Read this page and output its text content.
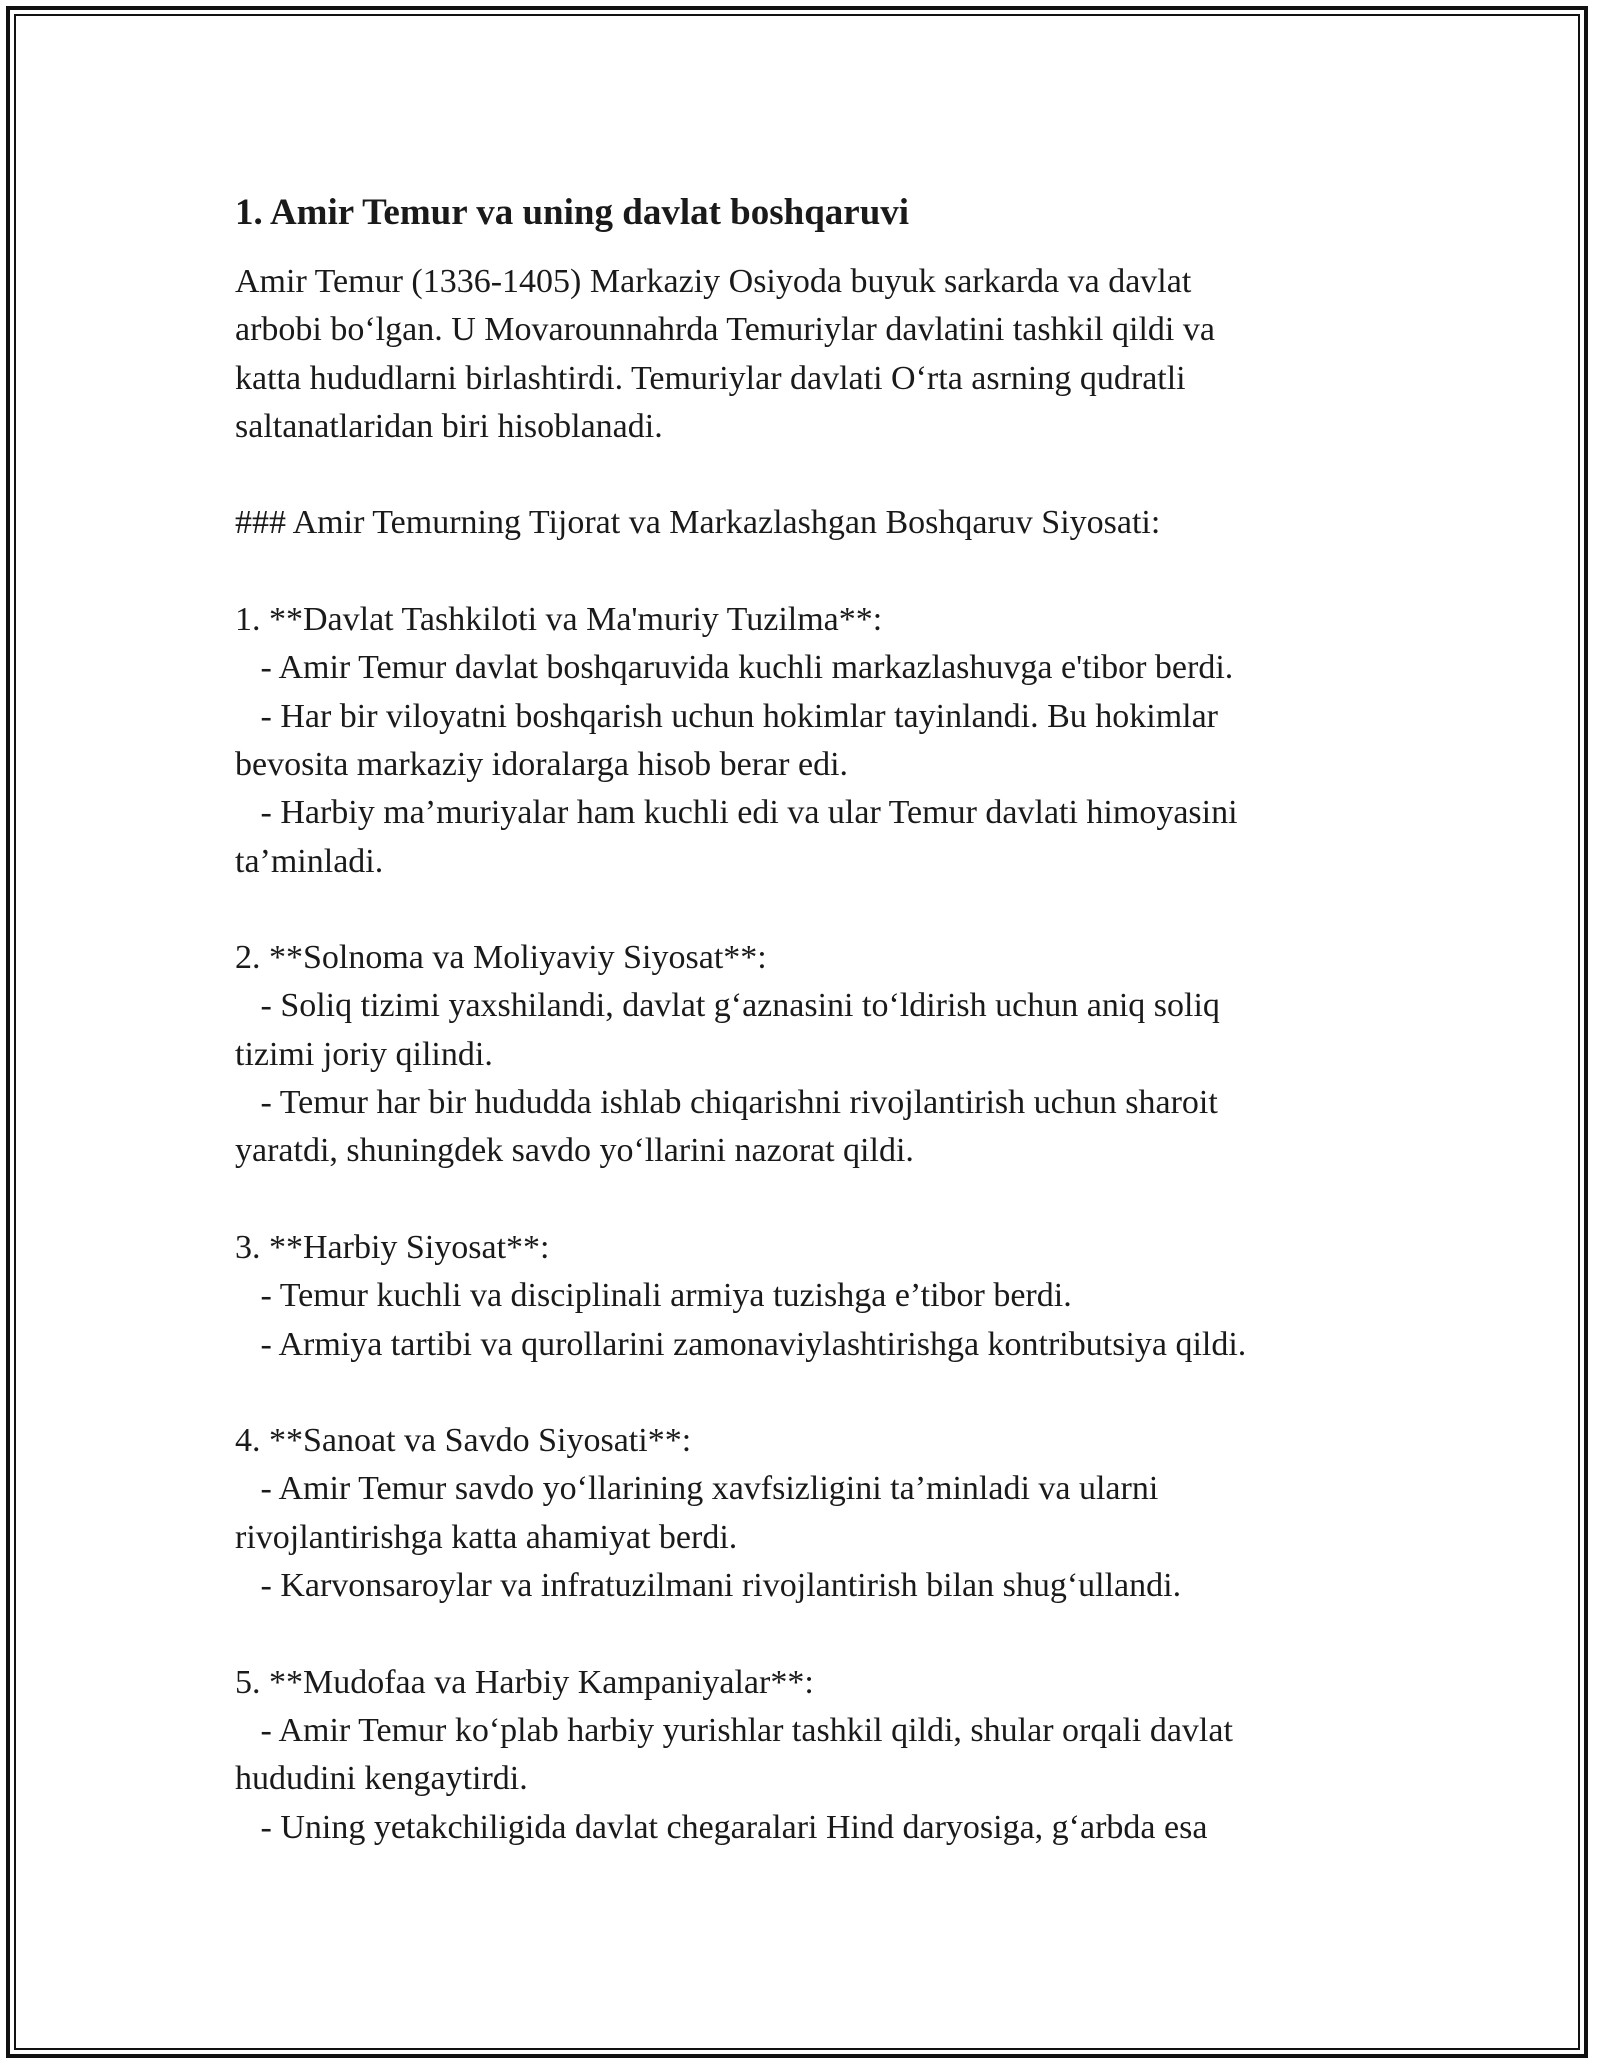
1. Amir Temur va uning davlat boshqaruvi

Amir Temur (1336-1405) Markaziy Osiyoda buyuk sarkarda va davlat

arbobi bo‘lgan. U Movarounnahrda Temuriylar davlatini tashkil qildi va

katta hududlarni birlashtirdi. Temuriylar davlati O‘rta asrning qudratli

saltanatlaridan biri hisoblanadi.

### Amir Temurning Tijorat va Markazlashgan Boshqaruv Siyosati:

1. **Davlat Tashkiloti va Ma'muriy Tuzilma**:

- Amir Temur davlat boshqaruvida kuchli markazlashuvga e'tibor berdi.

- Har bir viloyatni boshqarish uchun hokimlar tayinlandi. Bu hokimlar

bevosita markaziy idoralarga hisob berar edi.

- Harbiy ma’muriyalar ham kuchli edi va ular Temur davlati himoyasini

ta’minladi.

2. **Solnoma va Moliyaviy Siyosat**:

- Soliq tizimi yaxshilandi, davlat g‘aznasini to‘ldirish uchun aniq soliq

tizimi joriy qilindi.

- Temur har bir hududda ishlab chiqarishni rivojlantirish uchun sharoit

yaratdi, shuningdek savdo yo‘llarini nazorat qildi.

3. **Harbiy Siyosat**:

- Temur kuchli va disciplinali armiya tuzishga e’tibor berdi.

- Armiya tartibi va qurollarini zamonaviylashtirishga kontributsiya qildi.

4. **Sanoat va Savdo Siyosati**:

- Amir Temur savdo yo‘llarining xavfsizligini ta’minladi va ularni

rivojlantirishga katta ahamiyat berdi.

- Karvonsaroylar va infratuzilmani rivojlantirish bilan shug‘ullandi.

5. **Mudofaa va Harbiy Kampaniyalar**:

- Amir Temur ko‘plab harbiy yurishlar tashkil qildi, shular orqali davlat

hududini kengaytirdi.

- Uning yetakchiligida davlat chegaralari Hind daryosiga, g‘arbda esa
